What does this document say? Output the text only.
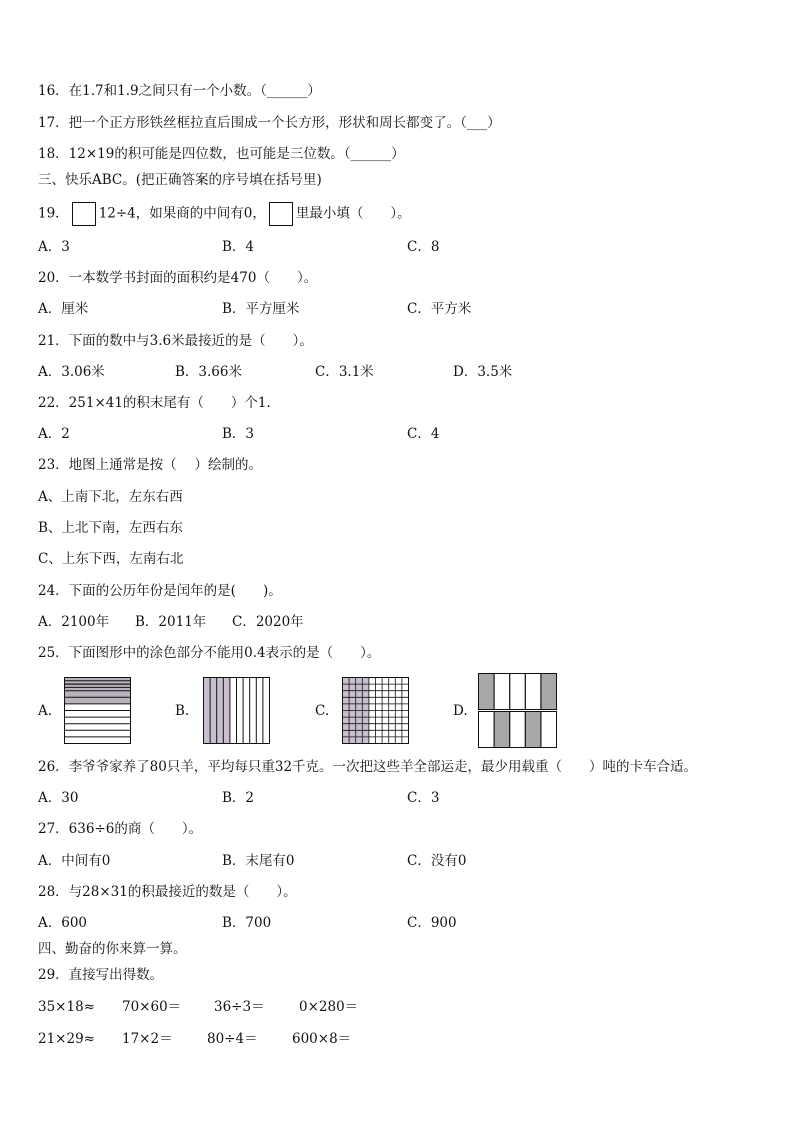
16．在1.7和1.9之间只有一个小数。（______）
17．把一个正方形铁丝框拉直后围成一个长方形，形状和周长都变了。（___）
18．12×19的积可能是四位数，也可能是三位数。（______）
三、快乐ABC。(把正确答案的序号填在括号里)
19． 12÷4，如果商的中间有0， 里最小填（　　）。
A．3	B．4	C．8
20．一本数学书封面的面积约是470（　　）。
A．厘米	B．平方厘米	C．平方米
21．下面的数中与3.6米最接近的是（　　）。
A．3.06米	B．3.66米	C．3.1米	D．3.5米
22．251×41的积末尾有（　　）个1.
A．2	B．3	C．4
23．地图上通常是按（　 ）绘制的。
A、上南下北，左东右西
B、上北下南，左西右东
C、上东下西，左南右北
24．下面的公历年份是闰年的是(　　)。
A．2100年 B．2011年 C．2020年
25．下面图形中的涂色部分不能用0.4表示的是（　　）。
A.	B.	C.	D.
26．李爷爷家养了80只羊，平均每只重32千克。一次把这些羊全部运走，最少用载重（　　）吨的卡车合适。
A．30	B．2	C．3
27．636÷6的商（　　）。
A．中间有0	B．末尾有0	C．没有0
28．与28×31的积最接近的数是（　　）。
A．600	B．700	C．900
四、勤奋的你来算一算。
29．直接写出得数。
35×18≈ 70×60＝ 36÷3＝	0×280＝
21×29≈ 17×2＝	80÷4＝	600×8＝
